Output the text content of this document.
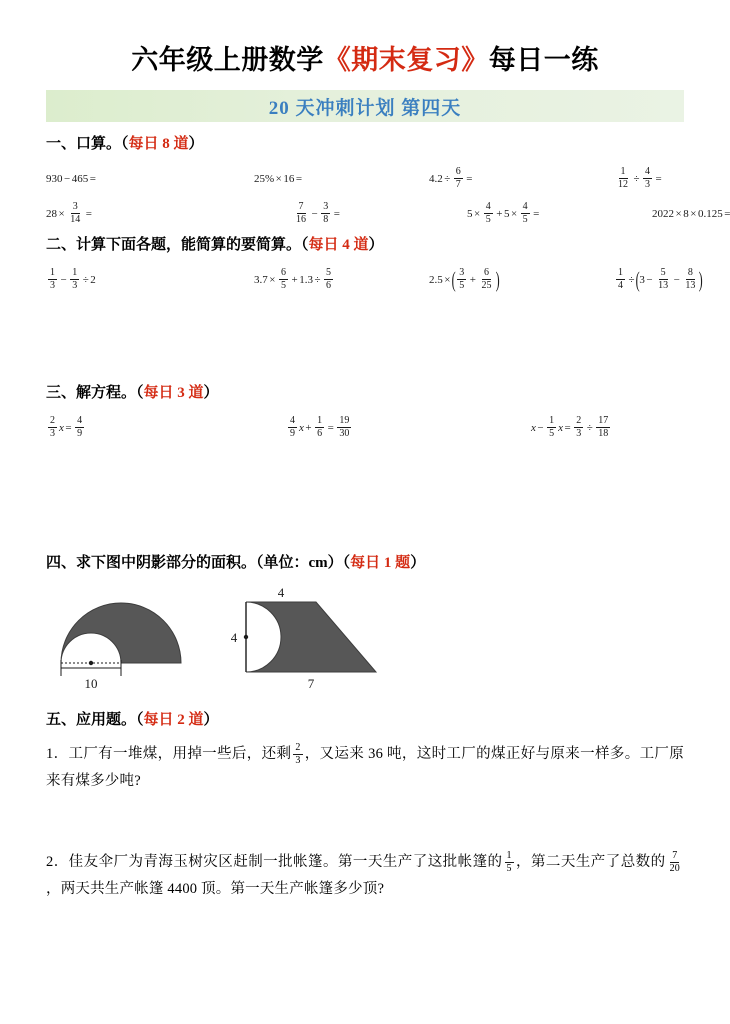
六年级上册数学《期末复习》每日一练
20 天冲刺计划 第四天
一、口算。（每日 8 道）
930 − 465 =	25% × 16 =	$4.2 \div \frac{6}{7}$ =	$\frac{1}{12} \div \frac{4}{3}$ =
$28 \times \frac{3}{14}$ =	$\frac{7}{16} - \frac{3}{8}$ =	$5 \times \frac{4}{5} + 5 \times \frac{4}{5}$ =	2022 × 8 × 0.125 =
二、计算下面各题，能简算的要简算。（每日 4 道）
$\frac{1}{3} - \frac{1}{3} \div 2$	$3.7 \times \frac{6}{5} + 1.3 \div \frac{5}{6}$	2.5 × ( $\frac{3}{5} + \frac{6}{25}$ )	$\frac{1}{4}$ ÷ ( $3 - \frac{5}{13} - \frac{8}{13}$ )
三、解方程。（每日 3 道）
$\frac{2}{3}$ $x = \frac{4}{9}$	$\frac{4}{9}$ $x + \frac{1}{6} = \frac{19}{30}$	$x - \frac{1}{5}$ $x = \frac{2}{3} \div \frac{17}{18}$
四、求下图中阴影部分的面积。（单位：cm）（每日 1 题）
10
4
4
7
五、应用题。（每日 2 道）
1．工厂有一堆煤，用掉一些后，还剩 $\frac{2}{3}$ ，又运来 36 吨，这时工厂的煤正好与原来一样多。工厂原来有煤多少吨?
2．佳友伞厂为青海玉树灾区赶制一批帐篷。第一天生产了这批帐篷的 $\frac{1}{5}$ ，第二天生产了总数的 $\frac{7}{20}$
，两天共生产帐篷 4400 顶。第一天生产帐篷多少顶?
